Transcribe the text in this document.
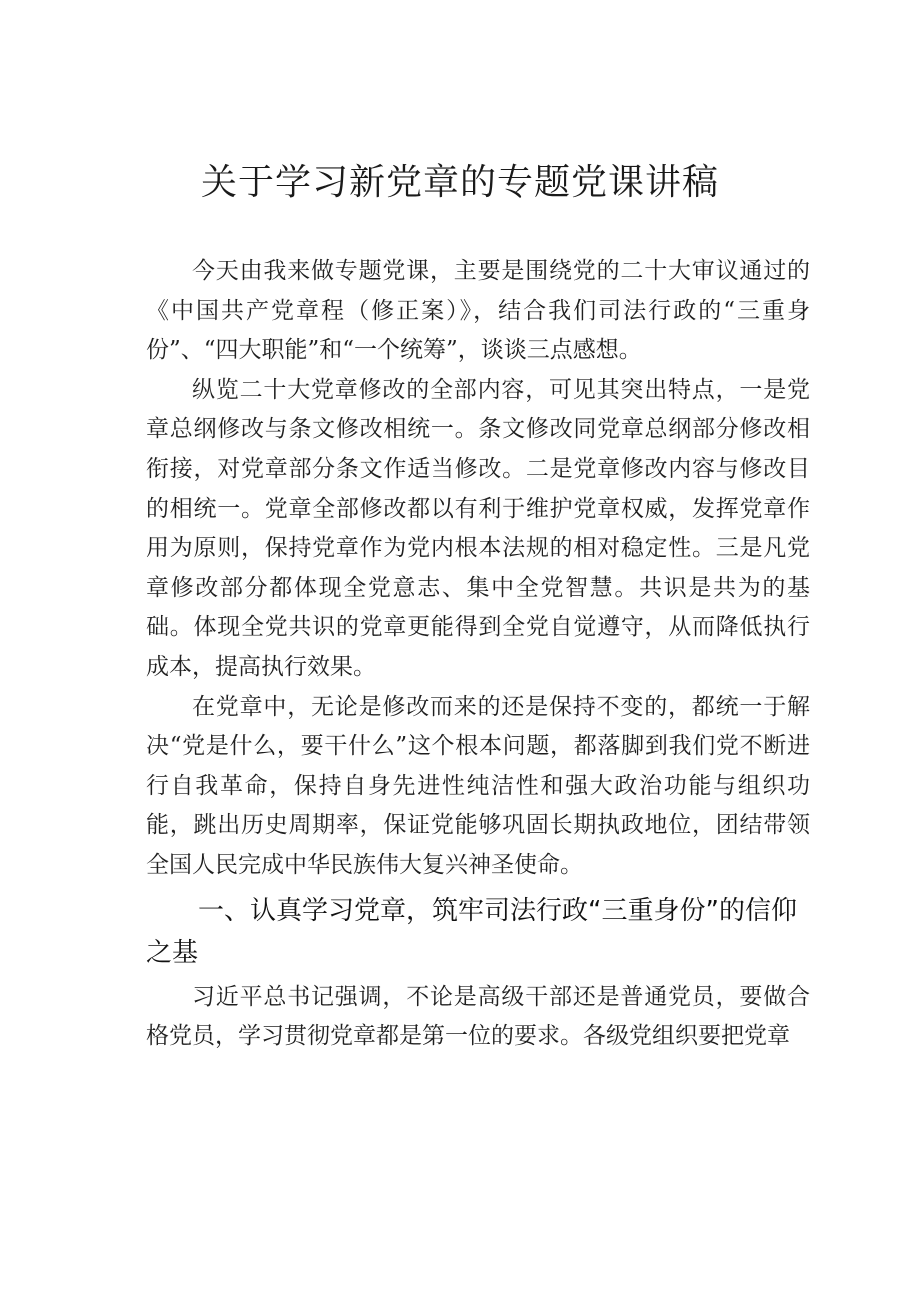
关于学习新党章的专题党课讲稿

今天由我来做专题党课，主要是围绕党的二十大审议通过的《中国共产党章程（修正案）》，结合我们司法行政的“三重身份”、“四大职能”和“一个统筹”，谈谈三点感想。

纵览二十大党章修改的全部内容，可见其突出特点，一是党章总纲修改与条文修改相统一。条文修改同党章总纲部分修改相衔接，对党章部分条文作适当修改。二是党章修改内容与修改目的相统一。党章全部修改都以有利于维护党章权威，发挥党章作用为原则，保持党章作为党内根本法规的相对稳定性。三是凡党章修改部分都体现全党意志、集中全党智慧。共识是共为的基础。体现全党共识的党章更能得到全党自觉遵守，从而降低执行成本，提高执行效果。

在党章中，无论是修改而来的还是保持不变的，都统一于解决“党是什么，要干什么”这个根本问题，都落脚到我们党不断进行自我革命，保持自身先进性纯洁性和强大政治功能与组织功能，跳出历史周期率，保证党能够巩固长期执政地位，团结带领全国人民完成中华民族伟大复兴神圣使命。

一、认真学习党章，筑牢司法行政“三重身份”的信仰之基

习近平总书记强调，不论是高级干部还是普通党员，要做合格党员，学习贯彻党章都是第一位的要求。各级党组织要把党章
